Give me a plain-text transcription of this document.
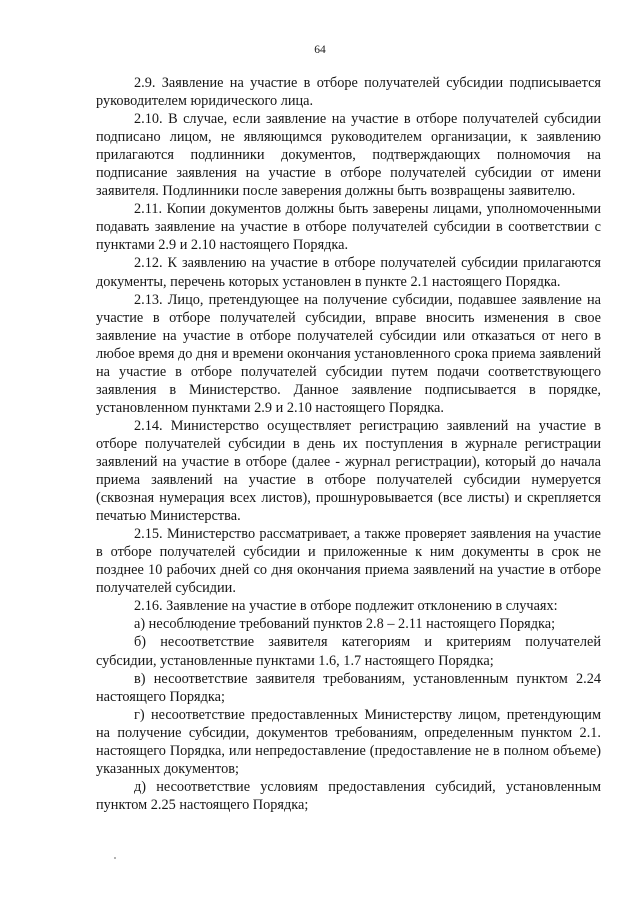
64

2.9. Заявление на участие в отборе получателей субсидии подписывается руководителем юридического лица.

2.10. В случае, если заявление на участие в отборе получателей субсидии подписано лицом, не являющимся руководителем организации, к заявлению прилагаются подлинники документов, подтверждающих полномочия на подписание заявления на участие в отборе получателей субсидии от имени заявителя. Подлинники после заверения должны быть возвращены заявителю.

2.11. Копии документов должны быть заверены лицами, уполномоченными подавать заявление на участие в отборе получателей субсидии в соответствии с пунктами 2.9 и 2.10 настоящего Порядка.

2.12. К заявлению на участие в отборе получателей субсидии прилагаются документы, перечень которых установлен в пункте 2.1 настоящего Порядка.

2.13. Лицо, претендующее на получение субсидии, подавшее заявление на участие в отборе получателей субсидии, вправе вносить изменения в свое заявление на участие в отборе получателей субсидии или отказаться от него в любое время до дня и времени окончания установленного срока приема заявлений на участие в отборе получателей субсидии путем подачи соответствующего заявления в Министерство. Данное заявление подписывается в порядке, установленном пунктами 2.9 и 2.10 настоящего Порядка.

2.14. Министерство осуществляет регистрацию заявлений на участие в отборе получателей субсидии в день их поступления в журнале регистрации заявлений на участие в отборе (далее - журнал регистрации), который до начала приема заявлений на участие в отборе получателей субсидии нумеруется (сквозная нумерация всех листов), прошнуровывается (все листы) и скрепляется печатью Министерства.

2.15. Министерство рассматривает, а также проверяет заявления на участие в отборе получателей субсидии и приложенные к ним документы в срок не позднее 10 рабочих дней со дня окончания приема заявлений на участие в отборе получателей субсидии.

2.16. Заявление на участие в отборе подлежит отклонению в случаях:

а) несоблюдение требований пунктов 2.8 – 2.11 настоящего Порядка;

б) несоответствие заявителя категориям и критериям получателей субсидии, установленные пунктами 1.6, 1.7 настоящего Порядка;

в) несоответствие заявителя требованиям, установленным пунктом 2.24 настоящего Порядка;

г) несоответствие предоставленных Министерству лицом, претендующим на получение субсидии, документов требованиям, определенным пунктом 2.1. настоящего Порядка, или непредоставление (предоставление не в полном объеме) указанных документов;

д) несоответствие условиям предоставления субсидий, установленным пунктом 2.25 настоящего Порядка;
